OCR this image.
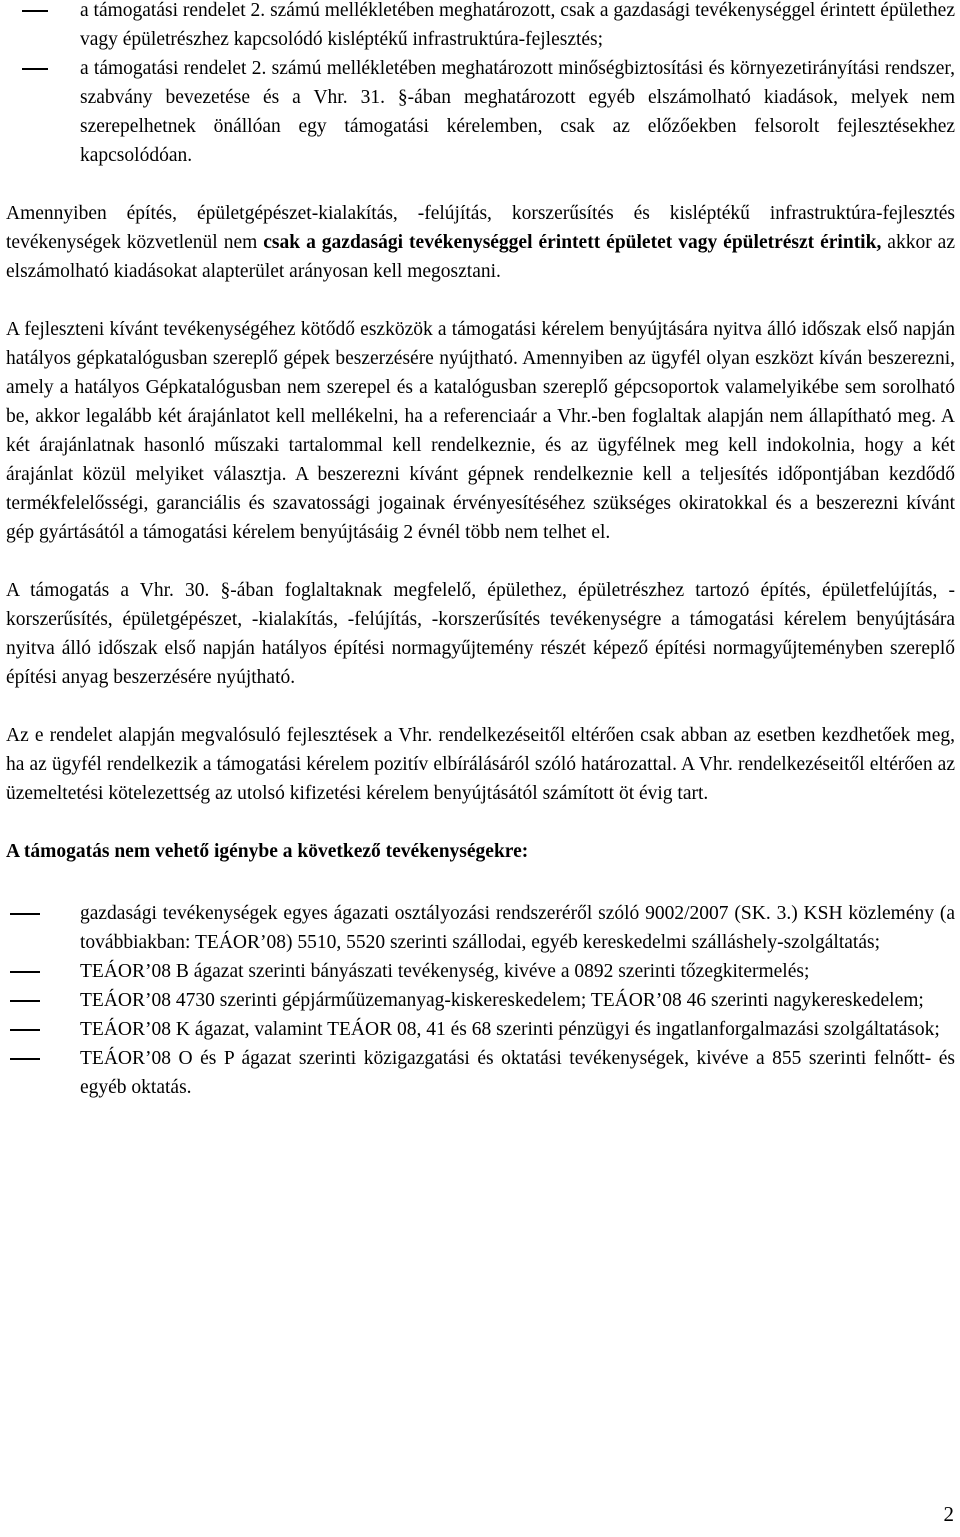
a támogatási rendelet 2. számú mellékletében meghatározott, csak a gazdasági tevékenységgel érintett épülethez vagy épületrészhez kapcsolódó kisléptékű infrastruktúra-fejlesztés;
a támogatási rendelet 2. számú mellékletében meghatározott minőségbiztosítási és környezetirányítási rendszer, szabvány bevezetése és a Vhr. 31. §-ában meghatározott egyéb elszámolható kiadások, melyek nem szerepelhetnek önállóan egy támogatási kérelemben, csak az előzőekben felsorolt fejlesztésekhez kapcsolódóan.

Amennyiben építés, épületgépészet-kialakítás, -felújítás, korszerűsítés és kisléptékű infrastruktúra-fejlesztés tevékenységek közvetlenül nem csak a gazdasági tevékenységgel érintett épületet vagy épületrészt érintik, akkor az elszámolható kiadásokat alapterület arányosan kell megosztani.

A fejleszteni kívánt tevékenységéhez kötődő eszközök a támogatási kérelem benyújtására nyitva álló időszak első napján hatályos gépkatalógusban szereplő gépek beszerzésére nyújtható. Amennyiben az ügyfél olyan eszközt kíván beszerezni, amely a hatályos Gépkatalógusban nem szerepel és a katalógusban szereplő gépcsoportok valamelyikébe sem sorolható be, akkor legalább két árajánlatot kell mellékelni, ha a referenciaár a Vhr.-ben foglaltak alapján nem állapítható meg. A két árajánlatnak hasonló műszaki tartalommal kell rendelkeznie, és az ügyfélnek meg kell indokolnia, hogy a két árajánlat közül melyiket választja. A beszerezni kívánt gépnek rendelkeznie kell a teljesítés időpontjában kezdődő termékfelelősségi, garanciális és szavatossági jogainak érvényesítéséhez szükséges okiratokkal és a beszerezni kívánt gép gyártásától a támogatási kérelem benyújtásáig 2 évnél több nem telhet el.

A támogatás a Vhr. 30. §-ában foglaltaknak megfelelő, épülethez, épületrészhez tartozó építés, épületfelújítás, -korszerűsítés, épületgépészet, -kialakítás, -felújítás, -korszerűsítés tevékenységre a támogatási kérelem benyújtására nyitva álló időszak első napján hatályos építési normagyűjtemény részét képező építési normagyűjteményben szereplő építési anyag beszerzésére nyújtható.

Az e rendelet alapján megvalósuló fejlesztések a Vhr. rendelkezéseitől eltérően csak abban az esetben kezdhetőek meg, ha az ügyfél rendelkezik a támogatási kérelem pozitív elbírálásáról szóló határozattal. A Vhr. rendelkezéseitől eltérően az üzemeltetési kötelezettség az utolsó kifizetési kérelem benyújtásától számított öt évig tart.

A támogatás nem vehető igénybe a következő tevékenységekre:

gazdasági tevékenységek egyes ágazati osztályozási rendszeréről szóló 9002/2007 (SK. 3.) KSH közlemény (a továbbiakban: TEÁOR’08) 5510, 5520 szerinti szállodai, egyéb kereskedelmi szálláshely-szolgáltatás;
TEÁOR’08 B ágazat szerinti bányászati tevékenység, kivéve a 0892 szerinti tőzegkitermelés;
TEÁOR’08 4730 szerinti gépjárműüzemanyag-kiskereskedelem; TEÁOR’08 46 szerinti nagykereskedelem;
TEÁOR’08 K ágazat, valamint TEÁOR 08, 41 és 68 szerinti pénzügyi és ingatlanforgalmazási szolgáltatások;
TEÁOR’08 O és P ágazat szerinti közigazgatási és oktatási tevékenységek, kivéve a 855 szerinti felnőtt- és egyéb oktatás.
2
